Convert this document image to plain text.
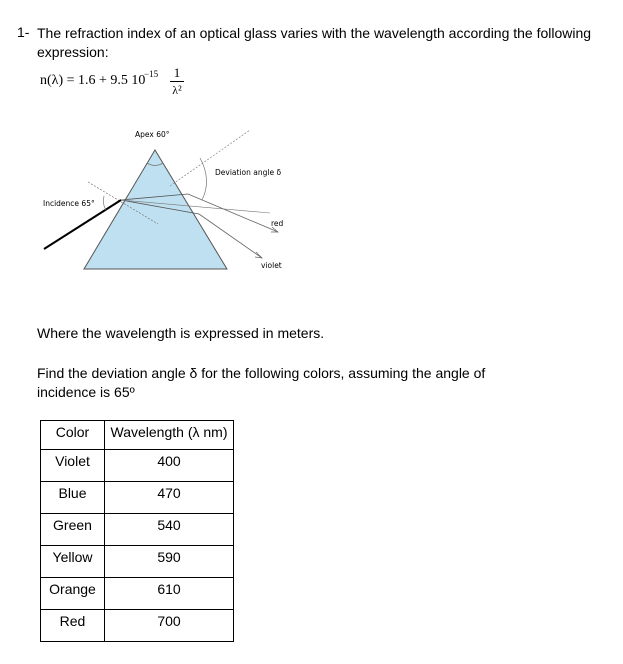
1- The refraction index of an optical glass varies with the wavelength according the following expression:
n(λ) = 1.6 + 9.5 10
−15 1
λ²
Apex 60°
Incidence 65°
Deviation angle δ
red
violet
Where the wavelength is expressed in meters.
Find the deviation angle δ for the following colors, assuming the angle of incidence is 65º
Color	Wavelength (λ nm)
Violet	400
Blue	470
Green	540
Yellow	590
Orange	610
Red	700
